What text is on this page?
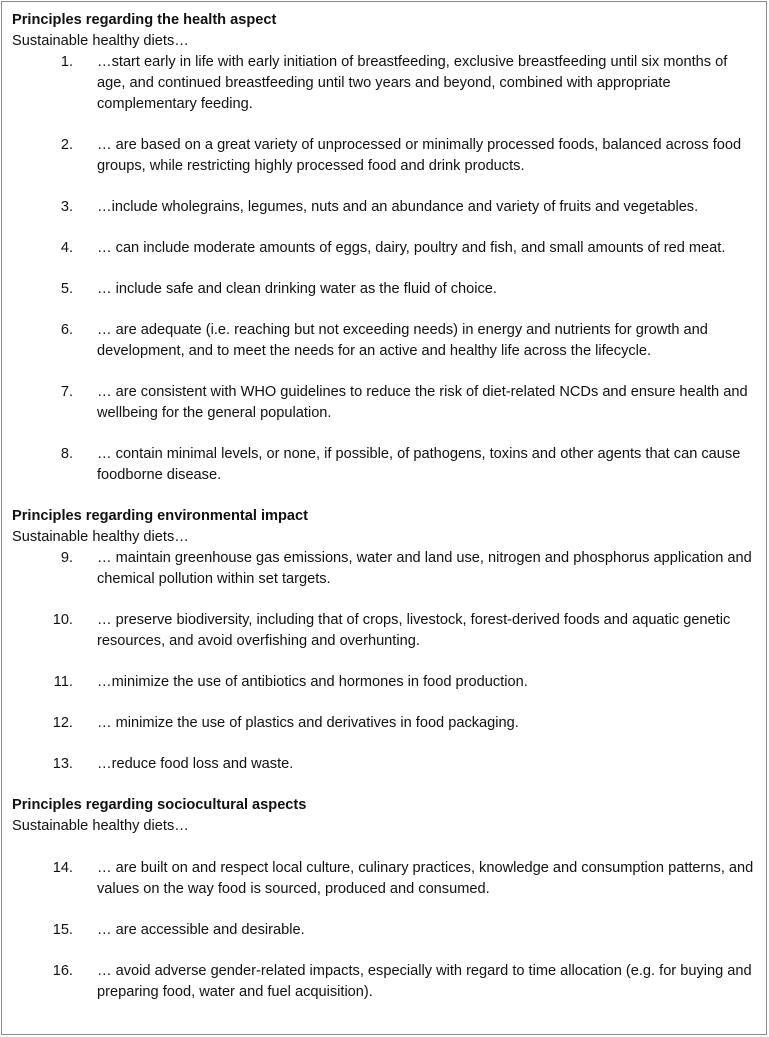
Principles regarding the health aspect

Sustainable healthy diets…

1.	…start early in life with early initiation of breastfeeding, exclusive breastfeeding until six months of age, and continued breastfeeding until two years and beyond, combined with appropriate complementary feeding.
2.	… are based on a great variety of unprocessed or minimally processed foods, balanced across food groups, while restricting highly processed food and drink products.
3.	…include wholegrains, legumes, nuts and an abundance and variety of fruits and vegetables.
4.	… can include moderate amounts of eggs, dairy, poultry and fish, and small amounts of red meat.
5.	… include safe and clean drinking water as the fluid of choice.
6.	… are adequate (i.e. reaching but not exceeding needs) in energy and nutrients for growth and development, and to meet the needs for an active and healthy life across the lifecycle.
7.	… are consistent with WHO guidelines to reduce the risk of diet-related NCDs and ensure health and wellbeing for the general population.
8.	… contain minimal levels, or none, if possible, of pathogens, toxins and other agents that can cause foodborne disease.

Principles regarding environmental impact

Sustainable healthy diets…

9.	… maintain greenhouse gas emissions, water and land use, nitrogen and phosphorus application and chemical pollution within set targets.
10.	… preserve biodiversity, including that of crops, livestock, forest-derived foods and aquatic genetic resources, and avoid overfishing and overhunting.
11.	…minimize the use of antibiotics and hormones in food production.
12.	… minimize the use of plastics and derivatives in food packaging.
13.	…reduce food loss and waste.

Principles regarding sociocultural aspects

Sustainable healthy diets…

14.	… are built on and respect local culture, culinary practices, knowledge and consumption patterns, and values on the way food is sourced, produced and consumed.
15.	… are accessible and desirable.
16.	… avoid adverse gender-related impacts, especially with regard to time allocation (e.g. for buying and preparing food, water and fuel acquisition).
